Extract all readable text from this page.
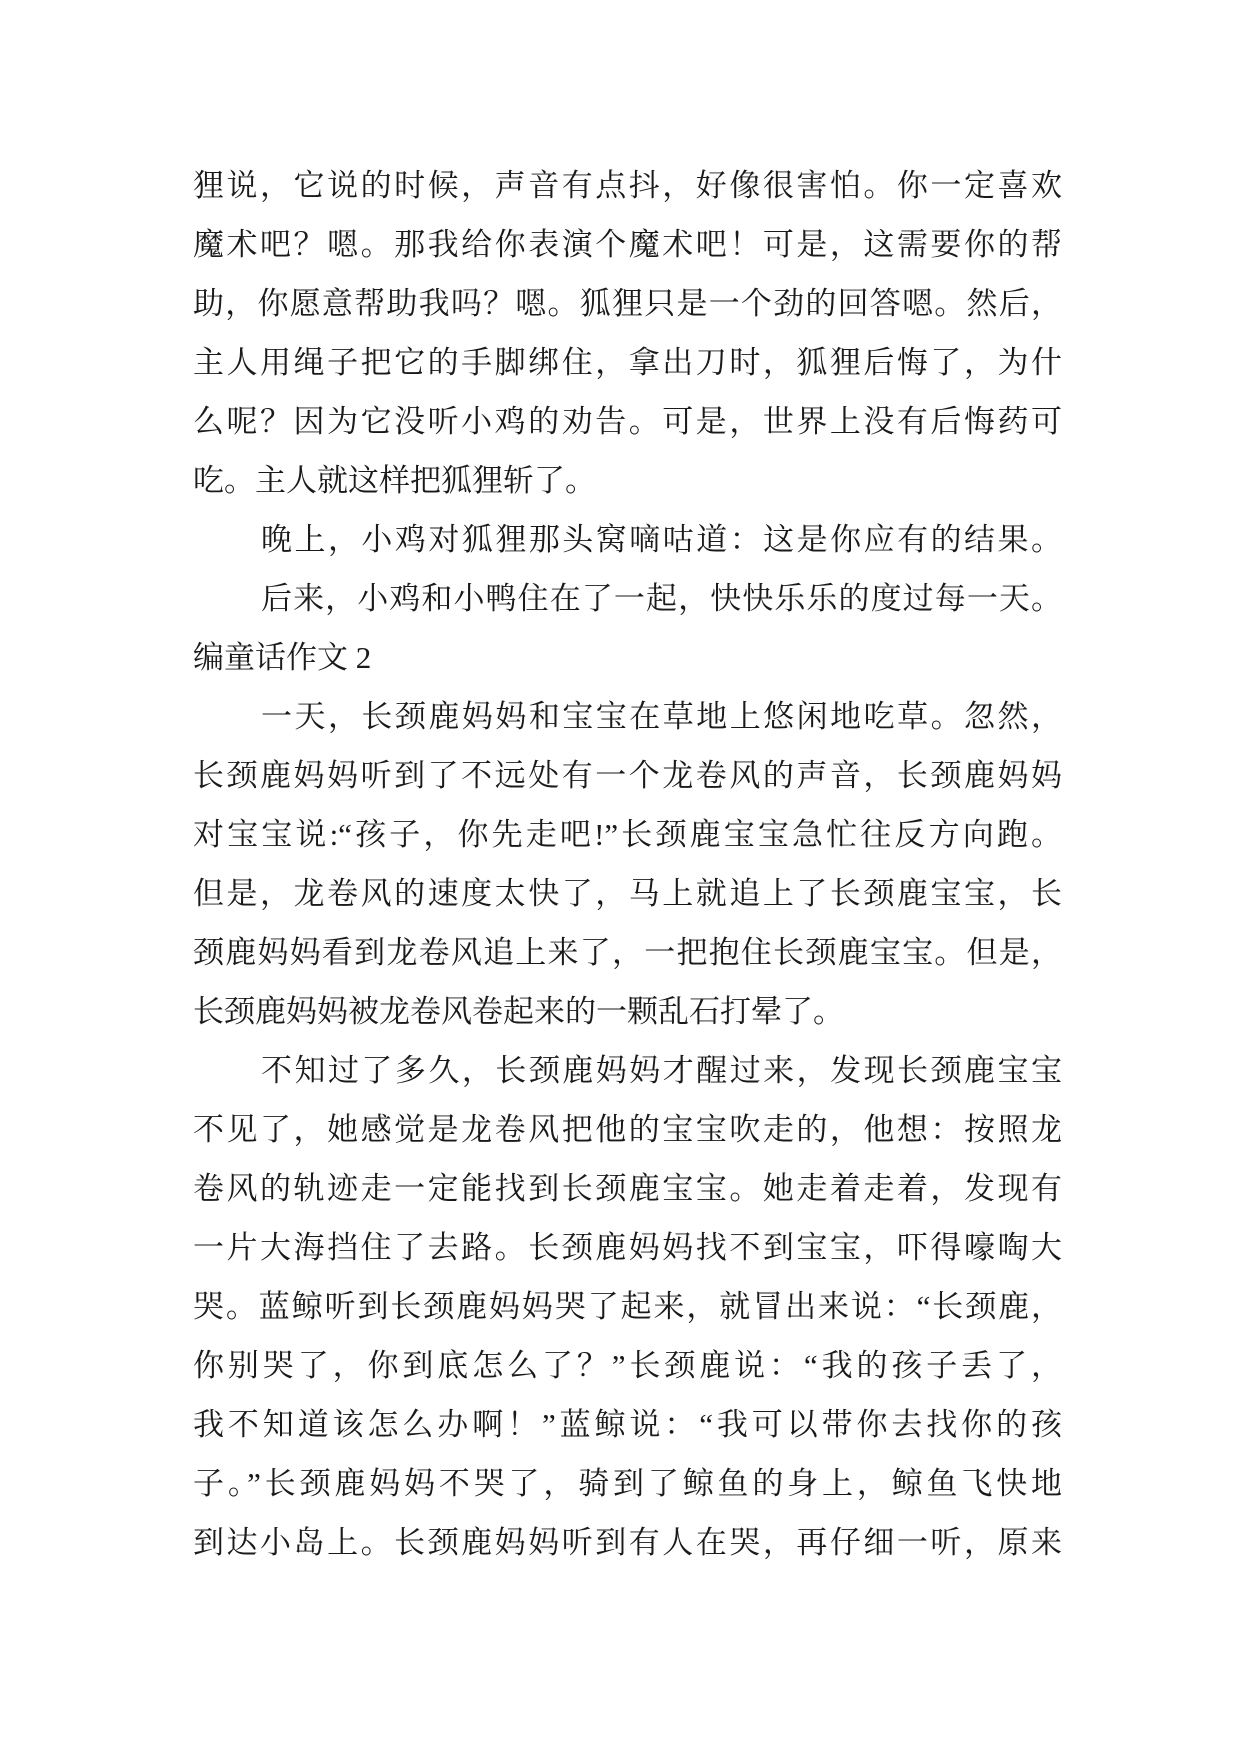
狸说，它说的时候，声音有点抖，好像很害怕。你一定喜欢
魔术吧？嗯。那我给你表演个魔术吧！可是，这需要你的帮
助，你愿意帮助我吗？嗯。狐狸只是一个劲的回答嗯。然后，
主人用绳子把它的手脚绑住，拿出刀时，狐狸后悔了，为什
么呢？因为它没听小鸡的劝告。可是，世界上没有后悔药可
吃。主人就这样把狐狸斩了。
晚上，小鸡对狐狸那头窝嘀咕道：这是你应有的结果。
后来，小鸡和小鸭住在了一起，快快乐乐的度过每一天。
编童话作文 2
一天，长颈鹿妈妈和宝宝在草地上悠闲地吃草。忽然，
长颈鹿妈妈听到了不远处有一个龙卷风的声音，长颈鹿妈妈
对宝宝说:“孩子，你先走吧!”长颈鹿宝宝急忙往反方向跑。
但是，龙卷风的速度太快了，马上就追上了长颈鹿宝宝，长
颈鹿妈妈看到龙卷风追上来了，一把抱住长颈鹿宝宝。但是，
长颈鹿妈妈被龙卷风卷起来的一颗乱石打晕了。
不知过了多久，长颈鹿妈妈才醒过来，发现长颈鹿宝宝
不见了，她感觉是龙卷风把他的宝宝吹走的，他想：按照龙
卷风的轨迹走一定能找到长颈鹿宝宝。她走着走着，发现有
一片大海挡住了去路。长颈鹿妈妈找不到宝宝，吓得嚎啕大
哭。蓝鲸听到长颈鹿妈妈哭了起来，就冒出来说：“长颈鹿，
你别哭了，你到底怎么了？”长颈鹿说：“我的孩子丢了，
我不知道该怎么办啊！”蓝鲸说：“我可以带你去找你的孩
子。”长颈鹿妈妈不哭了，骑到了鲸鱼的身上，鲸鱼飞快地
到达小岛上。长颈鹿妈妈听到有人在哭，再仔细一听，原来
